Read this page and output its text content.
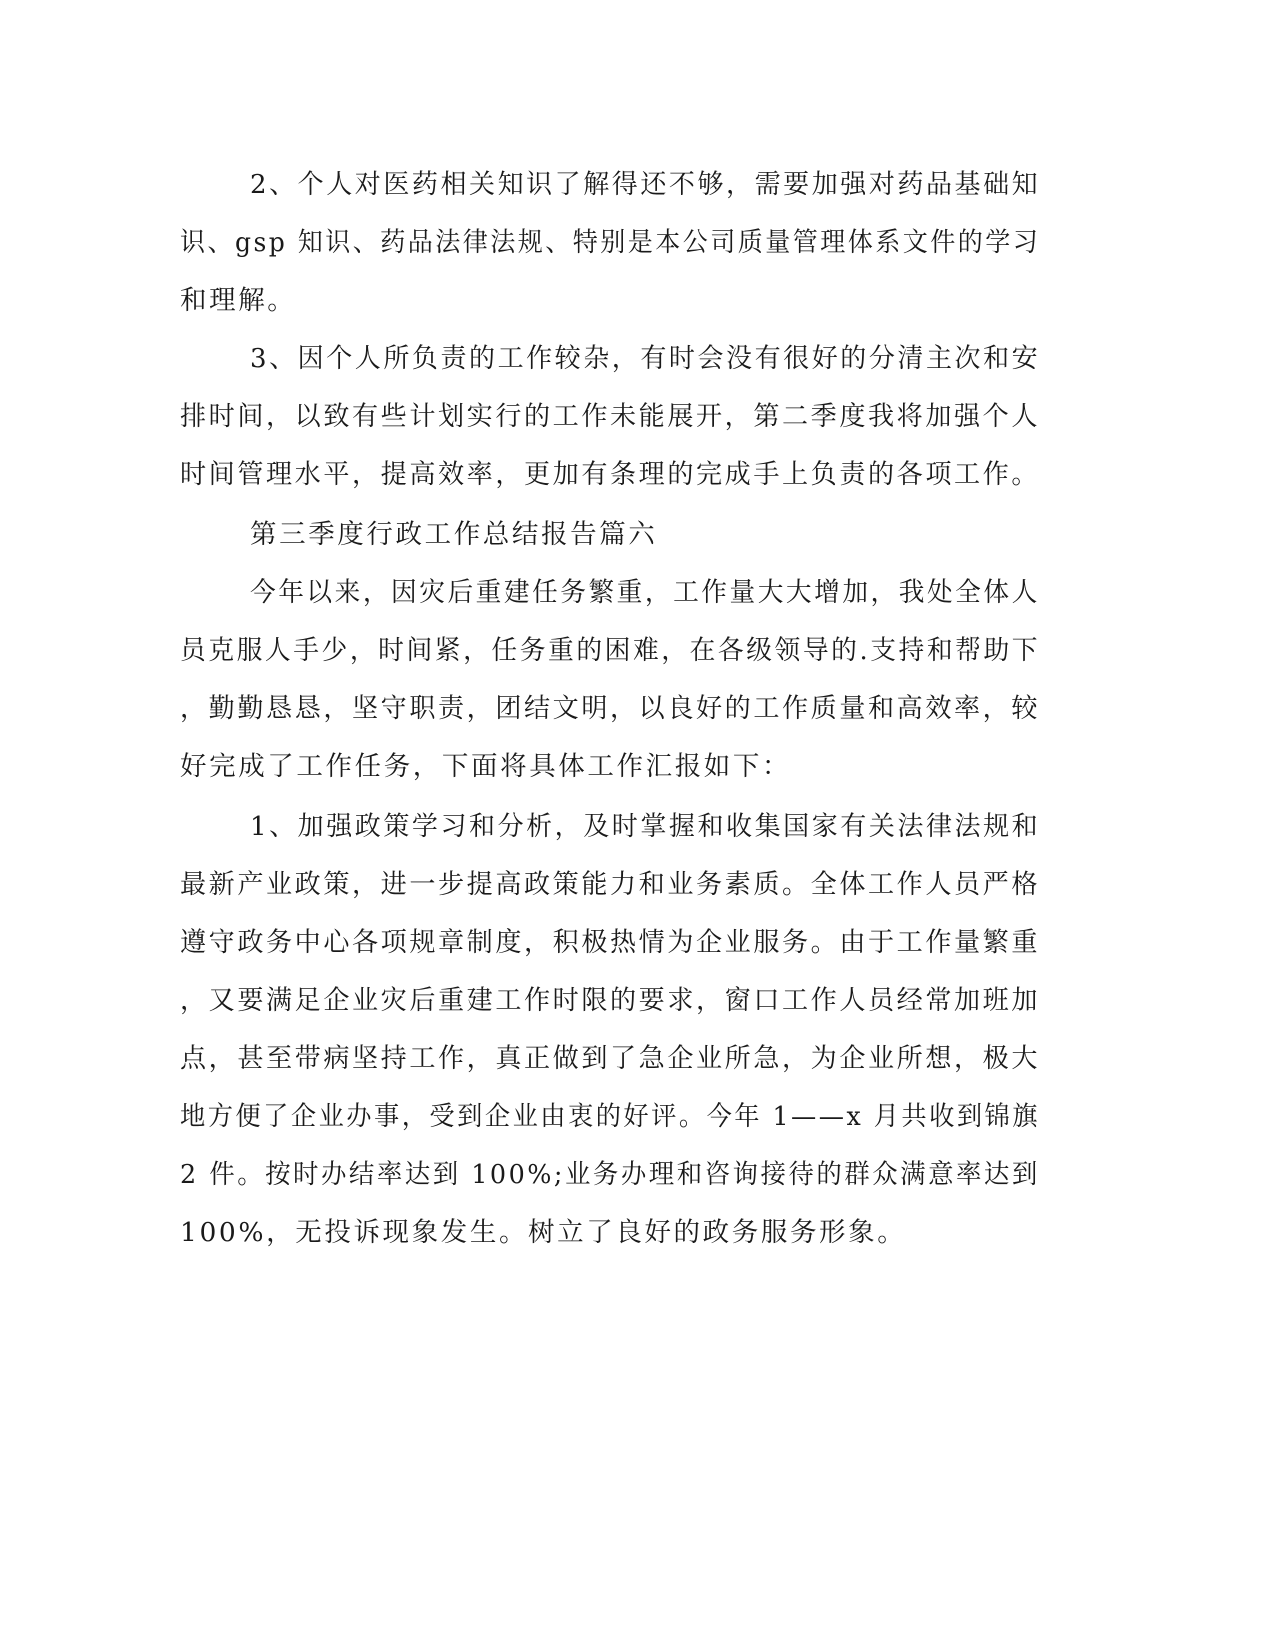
2、个人对医药相关知识了解得还不够，需要加强对药品基础知

识、gsp 知识、药品法律法规、特别是本公司质量管理体系文件的学习

和理解。

3、因个人所负责的工作较杂，有时会没有很好的分清主次和安

排时间，以致有些计划实行的工作未能展开，第二季度我将加强个人

时间管理水平，提高效率，更加有条理的完成手上负责的各项工作。

第三季度行政工作总结报告篇六

今年以来，因灾后重建任务繁重，工作量大大增加，我处全体人

员克服人手少，时间紧，任务重的困难，在各级领导的.支持和帮助下

，勤勤恳恳，坚守职责，团结文明，以良好的工作质量和高效率，较

好完成了工作任务，下面将具体工作汇报如下：

1、加强政策学习和分析，及时掌握和收集国家有关法律法规和

最新产业政策，进一步提高政策能力和业务素质。全体工作人员严格

遵守政务中心各项规章制度，积极热情为企业服务。由于工作量繁重

，又要满足企业灾后重建工作时限的要求，窗口工作人员经常加班加

点，甚至带病坚持工作，真正做到了急企业所急，为企业所想，极大

地方便了企业办事，受到企业由衷的好评。今年 1——x 月共收到锦旗

2 件。按时办结率达到 100%;业务办理和咨询接待的群众满意率达到

100%，无投诉现象发生。树立了良好的政务服务形象。
